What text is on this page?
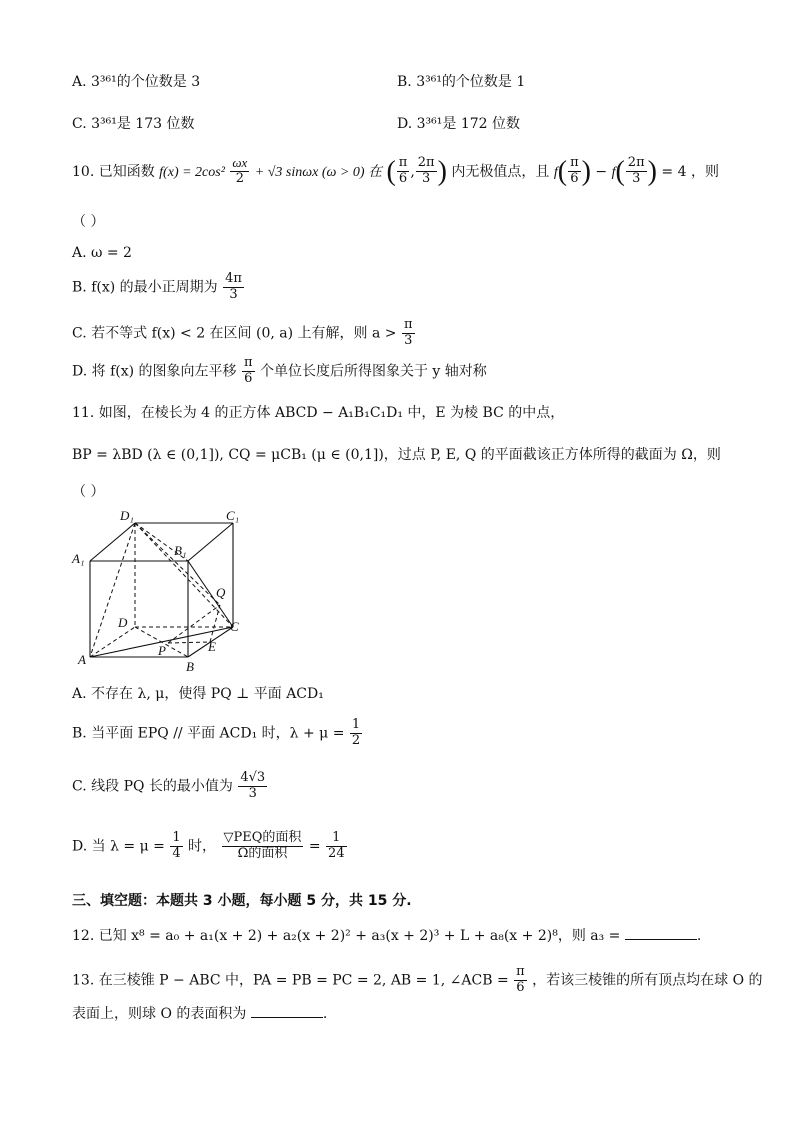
A. 3³⁶¹的个位数是 3	B. 3³⁶¹的个位数是 1
C. 3³⁶¹是 173 位数	D. 3³⁶¹是 172 位数
10. 已知函数 $f(x) = 2\cos^2 \frac{\omega x}{2} + √3$ sinωx (ω > 0) 在 ( $\frac{\pi}{6}$ , $\frac{2\pi}{3}$ ) 内无极值点，且 $f( \frac{\pi}{6}$ ) − $f( \frac{2\pi}{3}$ ) = 4 ，则
（ ）
A. ω = 2
B. f(x) 的最小正周期为 $\frac{4\pi}{3}$
C. 若不等式 f(x) < 2 在区间 (0, a) 上有解，则 $a > \frac{\pi}{3}$
D. 将 f(x) 的图象向左平移 $\frac{\pi}{6}$ 个单位长度后所得图象关于 y 轴对称
11. 如图，在棱长为 4 的正方体 ABCD − A₁B₁C₁D₁ 中，E 为棱 BC 的中点，
BP = λBD (λ ∈ (0,1]), CQ = μCB₁ (μ ∈ (0,1])，过点 P, E, Q 的平面截该正方体所得的截面为 Ω，则
（ ）
D₁	C₁
A₁
B₁
Q
D	C
P	E
A	B
A. 不存在 λ, μ，使得 PQ ⊥ 平面 ACD₁
B. 当平面 EPQ // 平面 ACD₁ 时，$\lambda + \mu = \frac{1}{2}$
C. 线段 PQ 长的最小值为 $\frac{4√3}{3}$
D. 当 $\lambda = \mu = \frac{1}{4}$ 时， $\frac{\text{▽PEQ的面积}}{\text{Ω的面积}} = \frac{1}{24}$
三、填空题：本题共 3 小题，每小题 5 分，共 15 分.
12. 已知 x⁸ = a₀ + a₁(x + 2) + a₂(x + 2)² + a₃(x + 2)³ + L + a₈(x + 2)⁸，则 a₃ =	.
13. 在三棱锥 P − ABC 中，PA = PB = PC = 2, AB = 1, ∠ACB = $\frac{\pi}{6}$ ，若该三棱锥的所有顶点均在球 O 的
表面上，则球 O 的表面积为	.
